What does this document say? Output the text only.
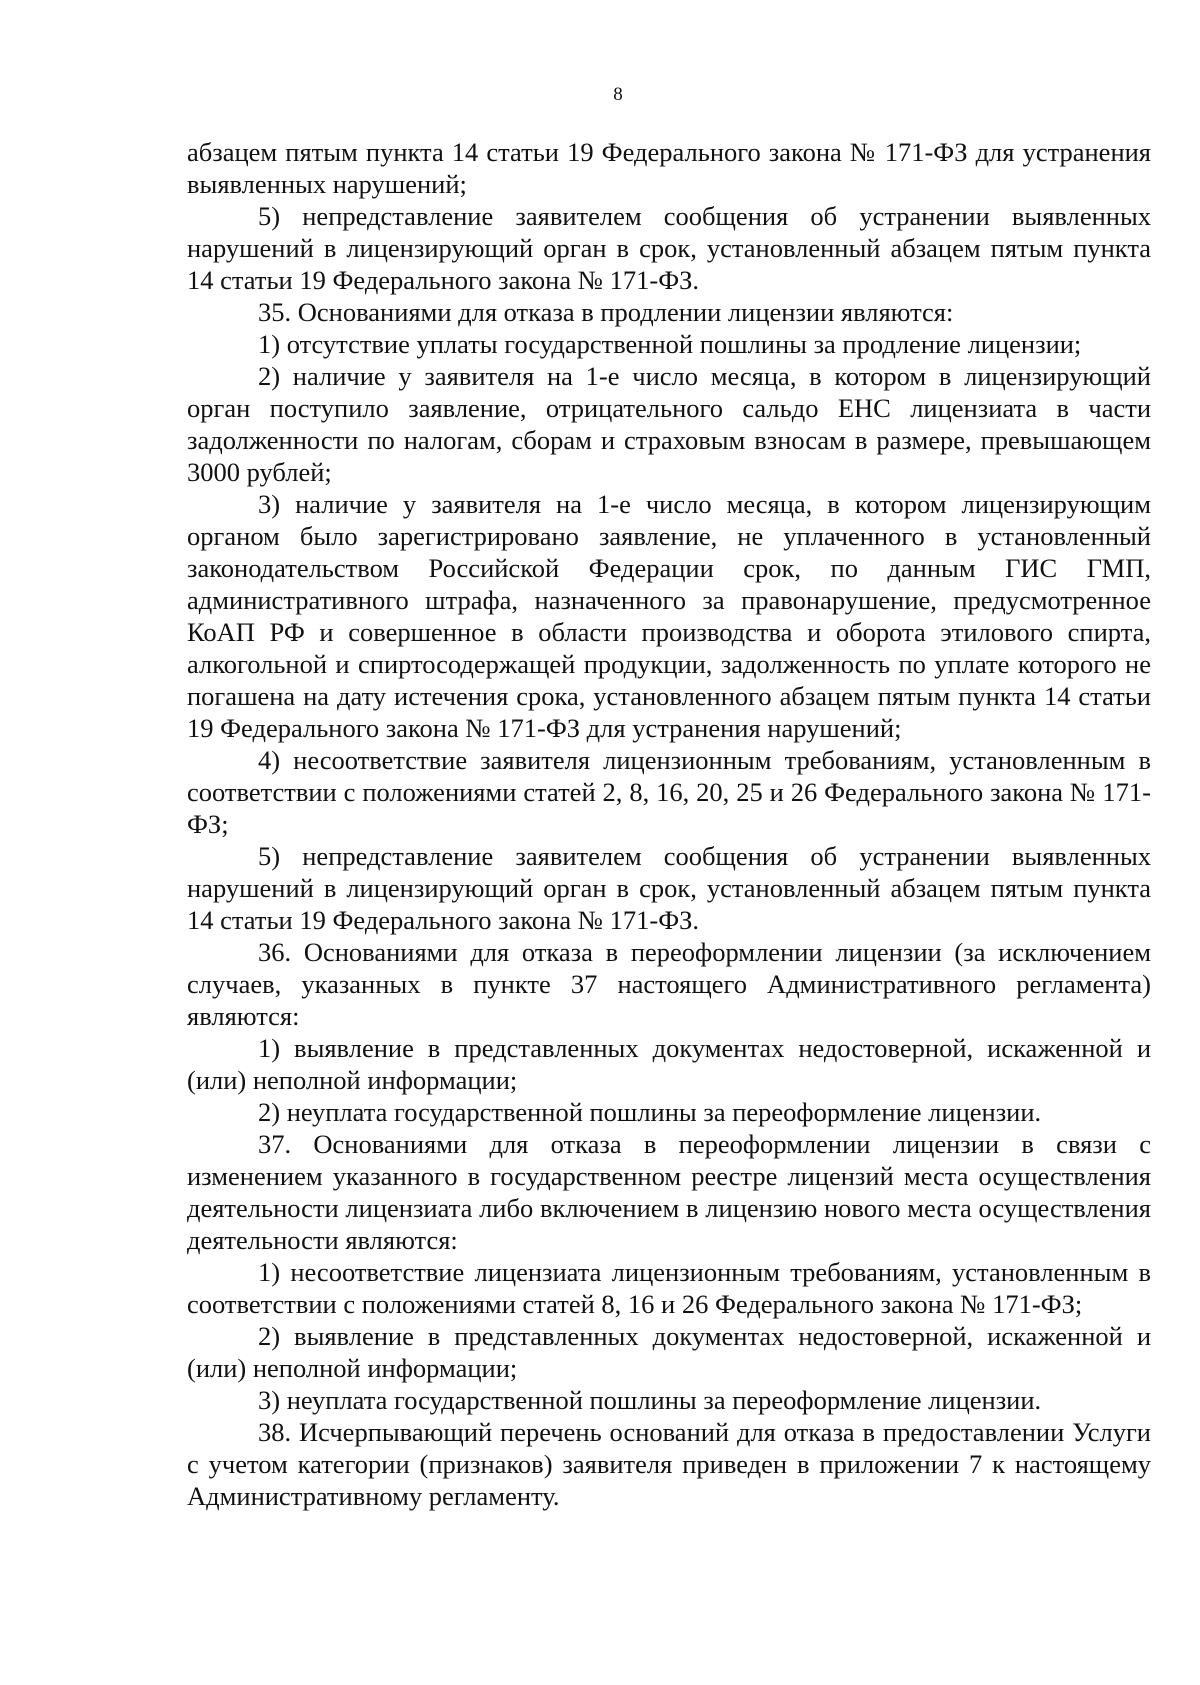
8

абзацем пятым пункта 14 статьи 19 Федерального закона № 171-ФЗ для устранения выявленных нарушений;

5) непредставление заявителем сообщения об устранении выявленных нарушений в лицензирующий орган в срок, установленный абзацем пятым пункта 14 статьи 19 Федерального закона № 171-ФЗ.

35. Основаниями для отказа в продлении лицензии являются:

1) отсутствие уплаты государственной пошлины за продление лицензии;

2) наличие у заявителя на 1-е число месяца, в котором в лицензирующий орган поступило заявление, отрицательного сальдо ЕНС лицензиата в части задолженности по налогам, сборам и страховым взносам в размере, превышающем 3000 рублей;

3) наличие у заявителя на 1-е число месяца, в котором лицензирующим органом было зарегистрировано заявление, не уплаченного в установленный законодательством Российской Федерации срок, по данным ГИС ГМП, административного штрафа, назначенного за правонарушение, предусмотренное КоАП РФ и совершенное в области производства и оборота этилового спирта, алкогольной и спиртосодержащей продукции, задолженность по уплате которого не погашена на дату истечения срока, установленного абзацем пятым пункта 14 статьи 19 Федерального закона № 171-ФЗ для устранения нарушений;

4) несоответствие заявителя лицензионным требованиям, установленным в соответствии с положениями статей 2, 8, 16, 20, 25 и 26 Федерального закона № 171-ФЗ;

5) непредставление заявителем сообщения об устранении выявленных нарушений в лицензирующий орган в срок, установленный абзацем пятым пункта 14 статьи 19 Федерального закона № 171-ФЗ.

36. Основаниями для отказа в переоформлении лицензии (за исключением случаев, указанных в пункте 37 настоящего Административного регламента) являются:

1) выявление в представленных документах недостоверной, искаженной и (или) неполной информации;

2) неуплата государственной пошлины за переоформление лицензии.

37. Основаниями для отказа в переоформлении лицензии в связи с изменением указанного в государственном реестре лицензий места осуществления деятельности лицензиата либо включением в лицензию нового места осуществления деятельности являются:

1) несоответствие лицензиата лицензионным требованиям, установленным в соответствии с положениями статей 8, 16 и 26 Федерального закона № 171-ФЗ;

2) выявление в представленных документах недостоверной, искаженной и (или) неполной информации;

3) неуплата государственной пошлины за переоформление лицензии.

38. Исчерпывающий перечень оснований для отказа в предоставлении Услуги с учетом категории (признаков) заявителя приведен в приложении 7 к настоящему Административному регламенту.
